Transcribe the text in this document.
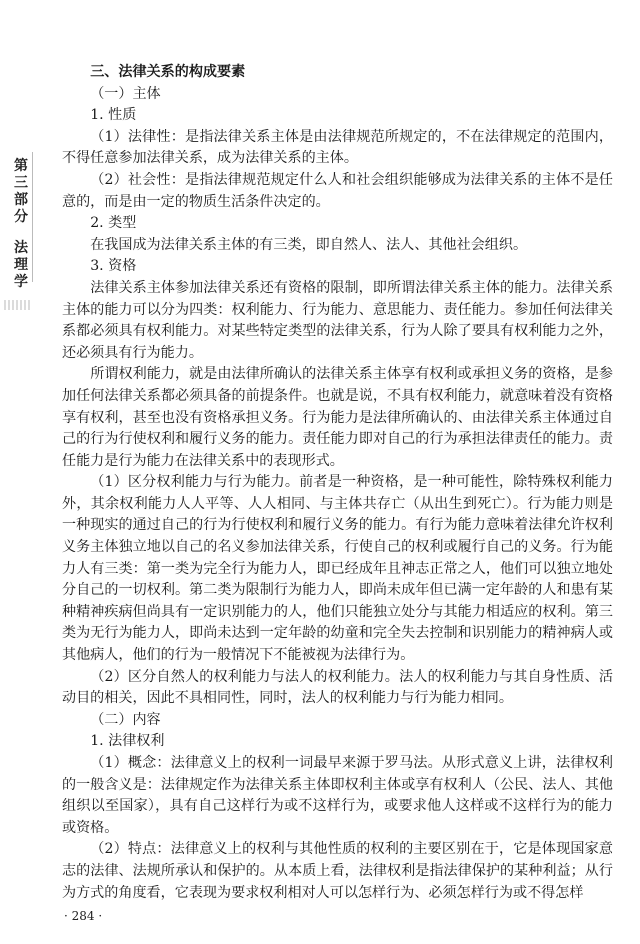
第
三
部
分
法
理
学

三、法律关系的构成要素

（一）主体

1. 性质

（1）法律性：是指法律关系主体是由法律规范所规定的，不在法律规定的范围内，不得任意参加法律关系，成为法律关系的主体。

（2）社会性：是指法律规范规定什么人和社会组织能够成为法律关系的主体不是任意的，而是由一定的物质生活条件决定的。

2. 类型

在我国成为法律关系主体的有三类，即自然人、法人、其他社会组织。

3. 资格

法律关系主体参加法律关系还有资格的限制，即所谓法律关系主体的能力。法律关系主体的能力可以分为四类：权利能力、行为能力、意思能力、责任能力。参加任何法律关系都必须具有权利能力。对某些特定类型的法律关系，行为人除了要具有权利能力之外，还必须具有行为能力。

所谓权利能力，就是由法律所确认的法律关系主体享有权利或承担义务的资格，是参加任何法律关系都必须具备的前提条件。也就是说，不具有权利能力，就意味着没有资格享有权利，甚至也没有资格承担义务。行为能力是法律所确认的、由法律关系主体通过自己的行为行使权利和履行义务的能力。责任能力即对自己的行为承担法律责任的能力。责任能力是行为能力在法律关系中的表现形式。

（1）区分权利能力与行为能力。前者是一种资格，是一种可能性，除特殊权利能力外，其余权利能力人人平等、人人相同、与主体共存亡（从出生到死亡）。行为能力则是一种现实的通过自己的行为行使权利和履行义务的能力。有行为能力意味着法律允许权利义务主体独立地以自己的名义参加法律关系，行使自己的权利或履行自己的义务。行为能力人有三类：第一类为完全行为能力人，即已经成年且神志正常之人，他们可以独立地处分自己的一切权利。第二类为限制行为能力人，即尚未成年但已满一定年龄的人和患有某种精神疾病但尚具有一定识别能力的人，他们只能独立处分与其能力相适应的权利。第三类为无行为能力人，即尚未达到一定年龄的幼童和完全失去控制和识别能力的精神病人或其他病人，他们的行为一般情况下不能被视为法律行为。

（2）区分自然人的权利能力与法人的权利能力。法人的权利能力与其自身性质、活动目的相关，因此不具相同性，同时，法人的权利能力与行为能力相同。

（二）内容

1. 法律权利

（1）概念：法律意义上的权利一词最早来源于罗马法。从形式意义上讲，法律权利的一般含义是：法律规定作为法律关系主体即权利主体或享有权利人（公民、法人、其他组织以至国家），具有自己这样行为或不这样行为，或要求他人这样或不这样行为的能力或资格。

（2）特点：法律意义上的权利与其他性质的权利的主要区别在于，它是体现国家意志的法律、法规所承认和保护的。从本质上看，法律权利是指法律保护的某种利益；从行为方式的角度看，它表现为要求权利相对人可以怎样行为、必须怎样行为或不得怎样

· 284 ·
